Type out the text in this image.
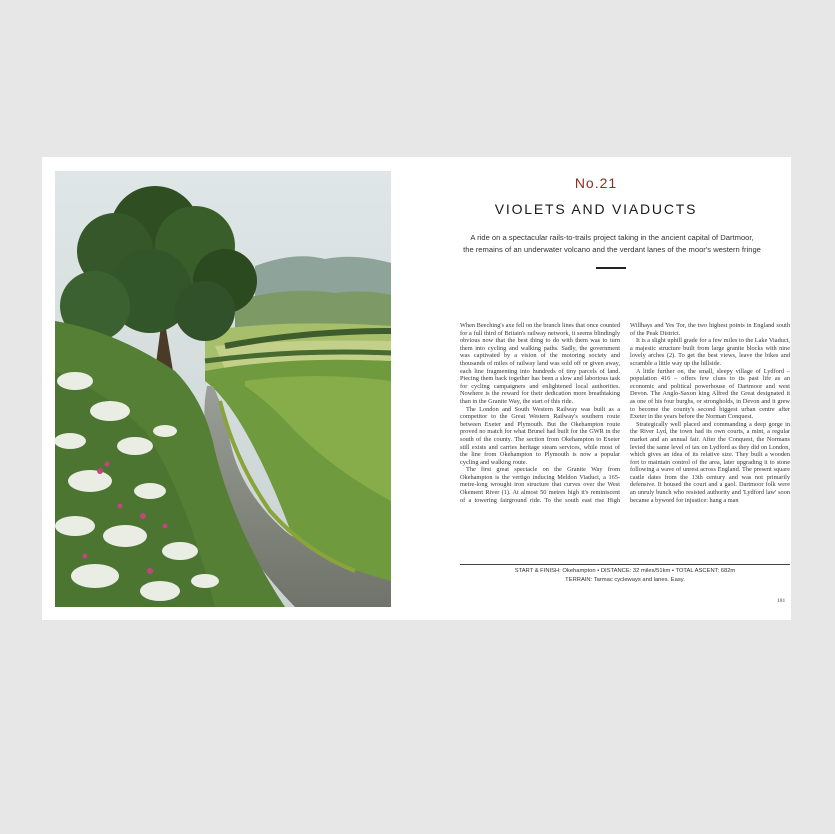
No.21
VIOLETS AND VIADUCTS
A ride on a spectacular rails-to-trails project taking in the ancient capital of Dartmoor,
the remains of an underwater volcano and the verdant lanes of the moor's western fringe

When Beeching's axe fell on the branch lines that once counted for a full third of Britain's railway network, it seems blindingly obvious now that the best thing to do with them was to turn them into cycling and walking paths. Sadly, the government was captivated by a vision of the motoring society and thousands of miles of railway land was sold off or given away, each line fragmenting into hundreds of tiny parcels of land. Piecing them back together has been a slow and laborious task for cycling campaigners and enlightened local authorities. Nowhere is the reward for their dedication more breathtaking than in the Granite Way, the start of this ride.

The London and South Western Railway was built as a competitor to the Great Western Railway's southern route between Exeter and Plymouth. But the Okehampton route proved no match for what Brunel had built for the GWR in the south of the county. The section from Okehampton to Exeter still exists and carries heritage steam services, while most of the line from Okehampton to Plymouth is now a popular cycling and walking route.

The first great spectacle on the Granite Way from Okehampton is the vertigo inducing Meldon Viaduct, a 165-metre-long wrought iron structure that curves over the West Okement River (1). At almost 50 metres high it's reminiscent of a towering fairground ride. To the south east rise High Willhays and Yes Tor, the two highest points in England south of the Peak District.

It is a slight uphill grade for a few miles to the Lake Viaduct, a majestic structure built from large granite blocks with nine lovely arches (2). To get the best views, leave the bikes and scramble a little way up the hillside.

A little further on, the small, sleepy village of Lydford – population 416 – offers few clues to its past life as an economic and political powerhouse of Dartmoor and west Devon. The Anglo-Saxon king Alfred the Great designated it as one of his four burghs, or strongholds, in Devon and it grew to become the county's second biggest urban centre after Exeter in the years before the Norman Conquest.

Strategically well placed and commanding a deep gorge in the River Lyd, the town had its own courts, a mint, a regular market and an annual fair. After the Conquest, the Normans levied the same level of tax on Lydford as they did on London, which gives an idea of its relative size. They built a wooden fort to maintain control of the area, later upgrading it to stone following a wave of unrest across England. The present square castle dates from the 13th century and was not primarily defensive. It housed the court and a gaol. Dartmoor folk were an unruly bunch who resisted authority and 'Lydford law' soon became a byword for injustice: hang a man

START & FINISH: Okehampton • DISTANCE: 32 miles/51km • TOTAL ASCENT: 682m
TERRAIN: Tarmac cycleways and lanes. Easy.
181
